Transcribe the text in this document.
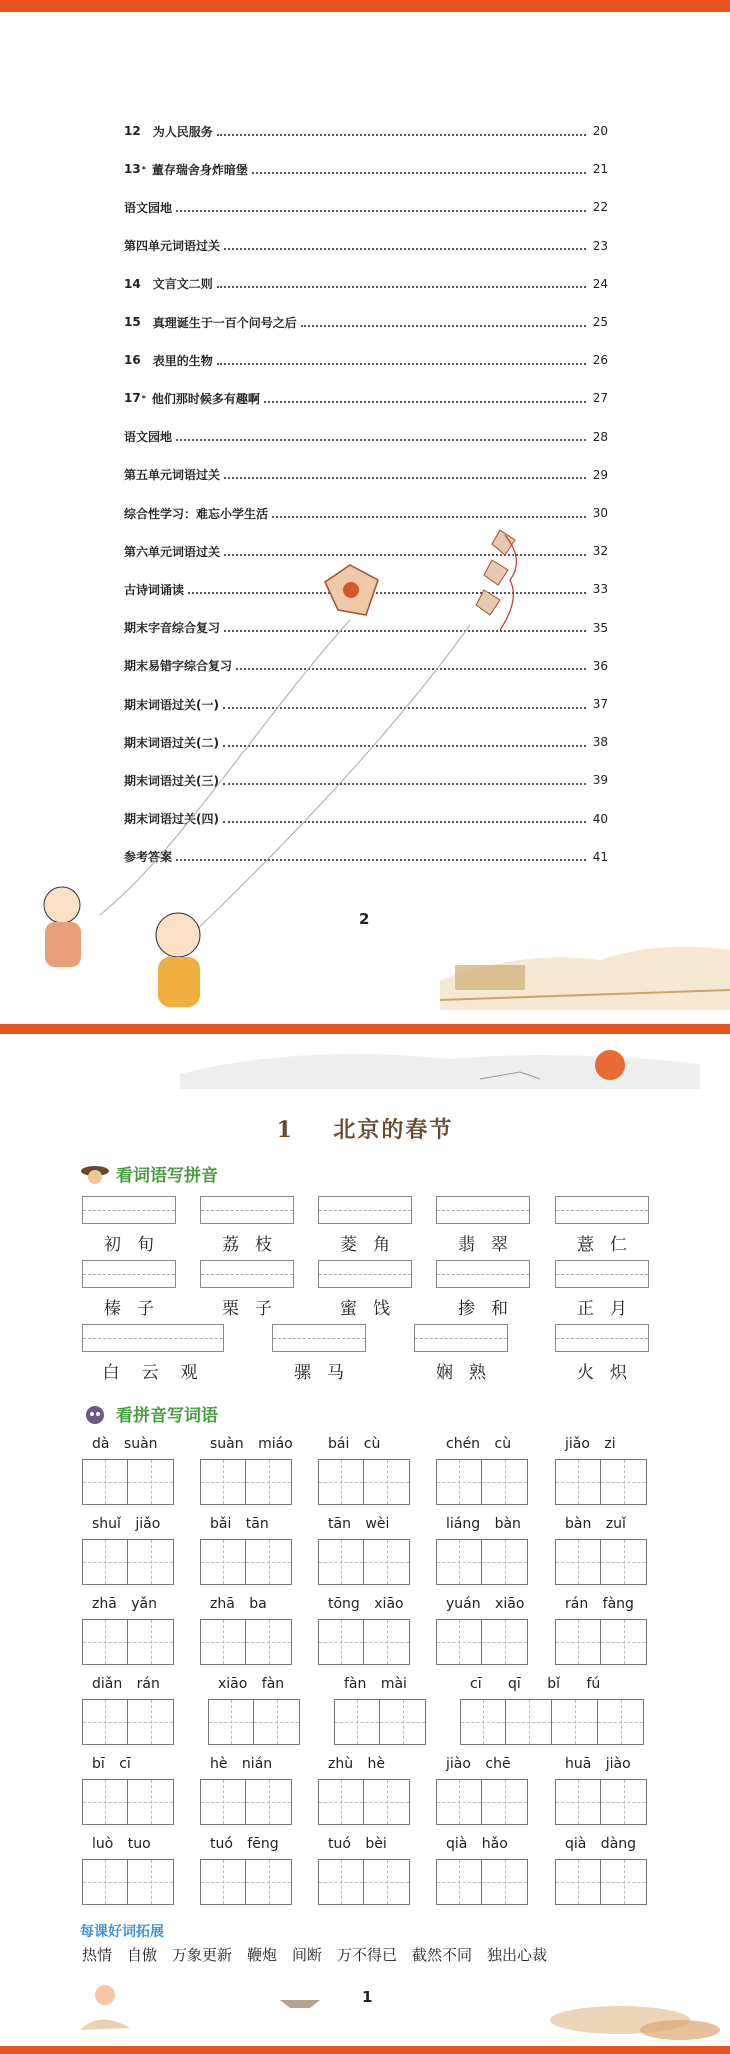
12 为人民服务	20
13 * 董存瑞舍身炸暗堡	21
语文园地	22
第四单元词语过关	23
14 文言文二则	24
15 真理诞生于一百个问号之后	25
16 表里的生物	26
17 * 他们那时候多有趣啊	27
语文园地	28
第五单元词语过关	29
综合性学习：难忘小学生活	30
第六单元词语过关	32
古诗词诵读	33
期末字音综合复习	35
期末易错字综合复习	36
期末词语过关(一)	37
期末词语过关(二)	38
期末词语过关(三)	39
期末词语过关(四)	40
参考答案	41
2
1 北京的春节
看词语写拼音
初旬	荔枝	菱角	翡翠	薏仁
榛子	栗子	蜜饯	掺和	正月
白云观	骡马	娴熟	火炽
看拼音写词语
dà suàn	suàn miáo	bái cù	chén cù	jiǎo zi
shuǐ jiǎo	bǎi tān	tān wèi	liáng bàn	bàn zuǐ
zhā yǎn	zhā ba	tōng xiāo	yuán xiāo	rán fàng
diǎn rán	xiāo fàn	fàn mài	cī qī bǐ fú
bī cī	hè nián	zhù hè	jiào chē	huā jiào
luò tuo	tuó fēng	tuó bèi	qià hǎo	qià dàng
每课好词拓展
热情　自傲　万象更新　鞭炮　间断　万不得已　截然不同　独出心裁
1
